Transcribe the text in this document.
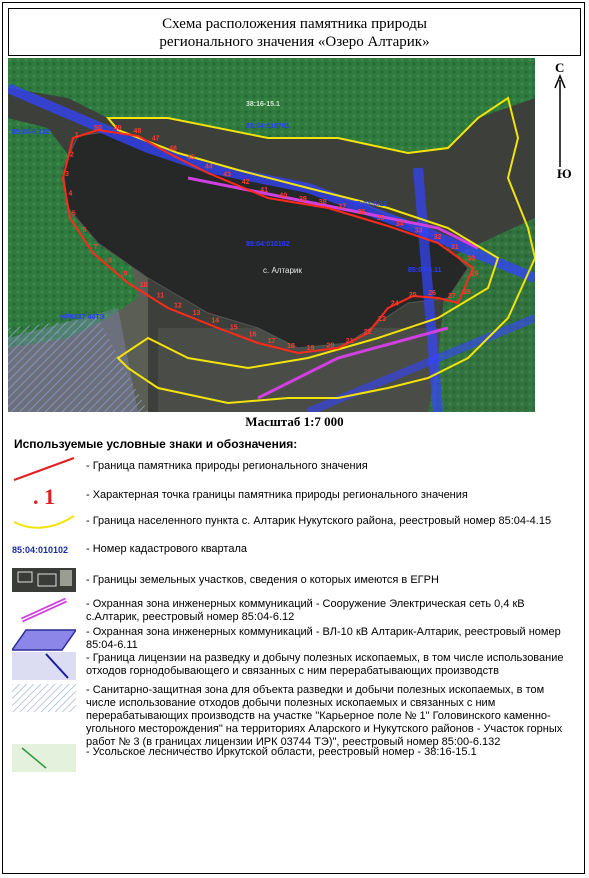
Схема расположения памятника природы
регионального значения «Озеро Алтарик»
38:16-15.1
85:04:010701
85:04:010102
с. Алтарик
85:00-6.132
85:04-6.12
85:04-6.11
ИРК037 44ТЭ
1
2
3
4
5
6
7
8
9
10
11
12
13
14
15
16
17
18 19 20
21
22
23
24
25 26 27
28
29
30
31
32
33
34
35
36
37
38
39
40
41
42
43
44
45
46
47
48
49
50
С
Ю
Масштаб 1:7 000
Используемые условные знаки и обозначения:
- Граница памятника природы регионального значения
. 1	- Характерная точка границы памятника природы регионального значения
- Граница населенного пункта с. Алтарик Нукутского района, реестровый номер 85:04-4.15
85:04:010102	- Номер кадастрового квартала
- Границы земельных участков, сведения о которых имеются в ЕГРН
- Охранная зона инженерных коммуникаций - Сооружение Электрическая сеть 0,4 кВ с.Алтарик, реестровый номер 85:04-6.12
- Охранная зона инженерных коммуникаций - ВЛ-10 кВ Алтарик-Алтарик, реестровый номер 85:04-6.11
- Граница лицензии на разведку и добычу полезных ископаемых, в том числе использование отходов горнодобывающего и связанных с ним перерабатывающих производств
- Санитарно-защитная зона для объекта разведки и добычи полезных ископаемых, в том числе использование отходов добычи полезных ископаемых и связанных с ним перерабатывающих производств на участке "Карьерное поле № 1" Головинского каменно-угольного месторождения" на территориях Аларского и Нукутского районов - Участок горных работ № 3 (в границах лицензии ИРК 03744 ТЭ)", реестровый номер 85:00-6.132
- Усольское лесничество Иркутской области, реестровый номер - 38:16-15.1
